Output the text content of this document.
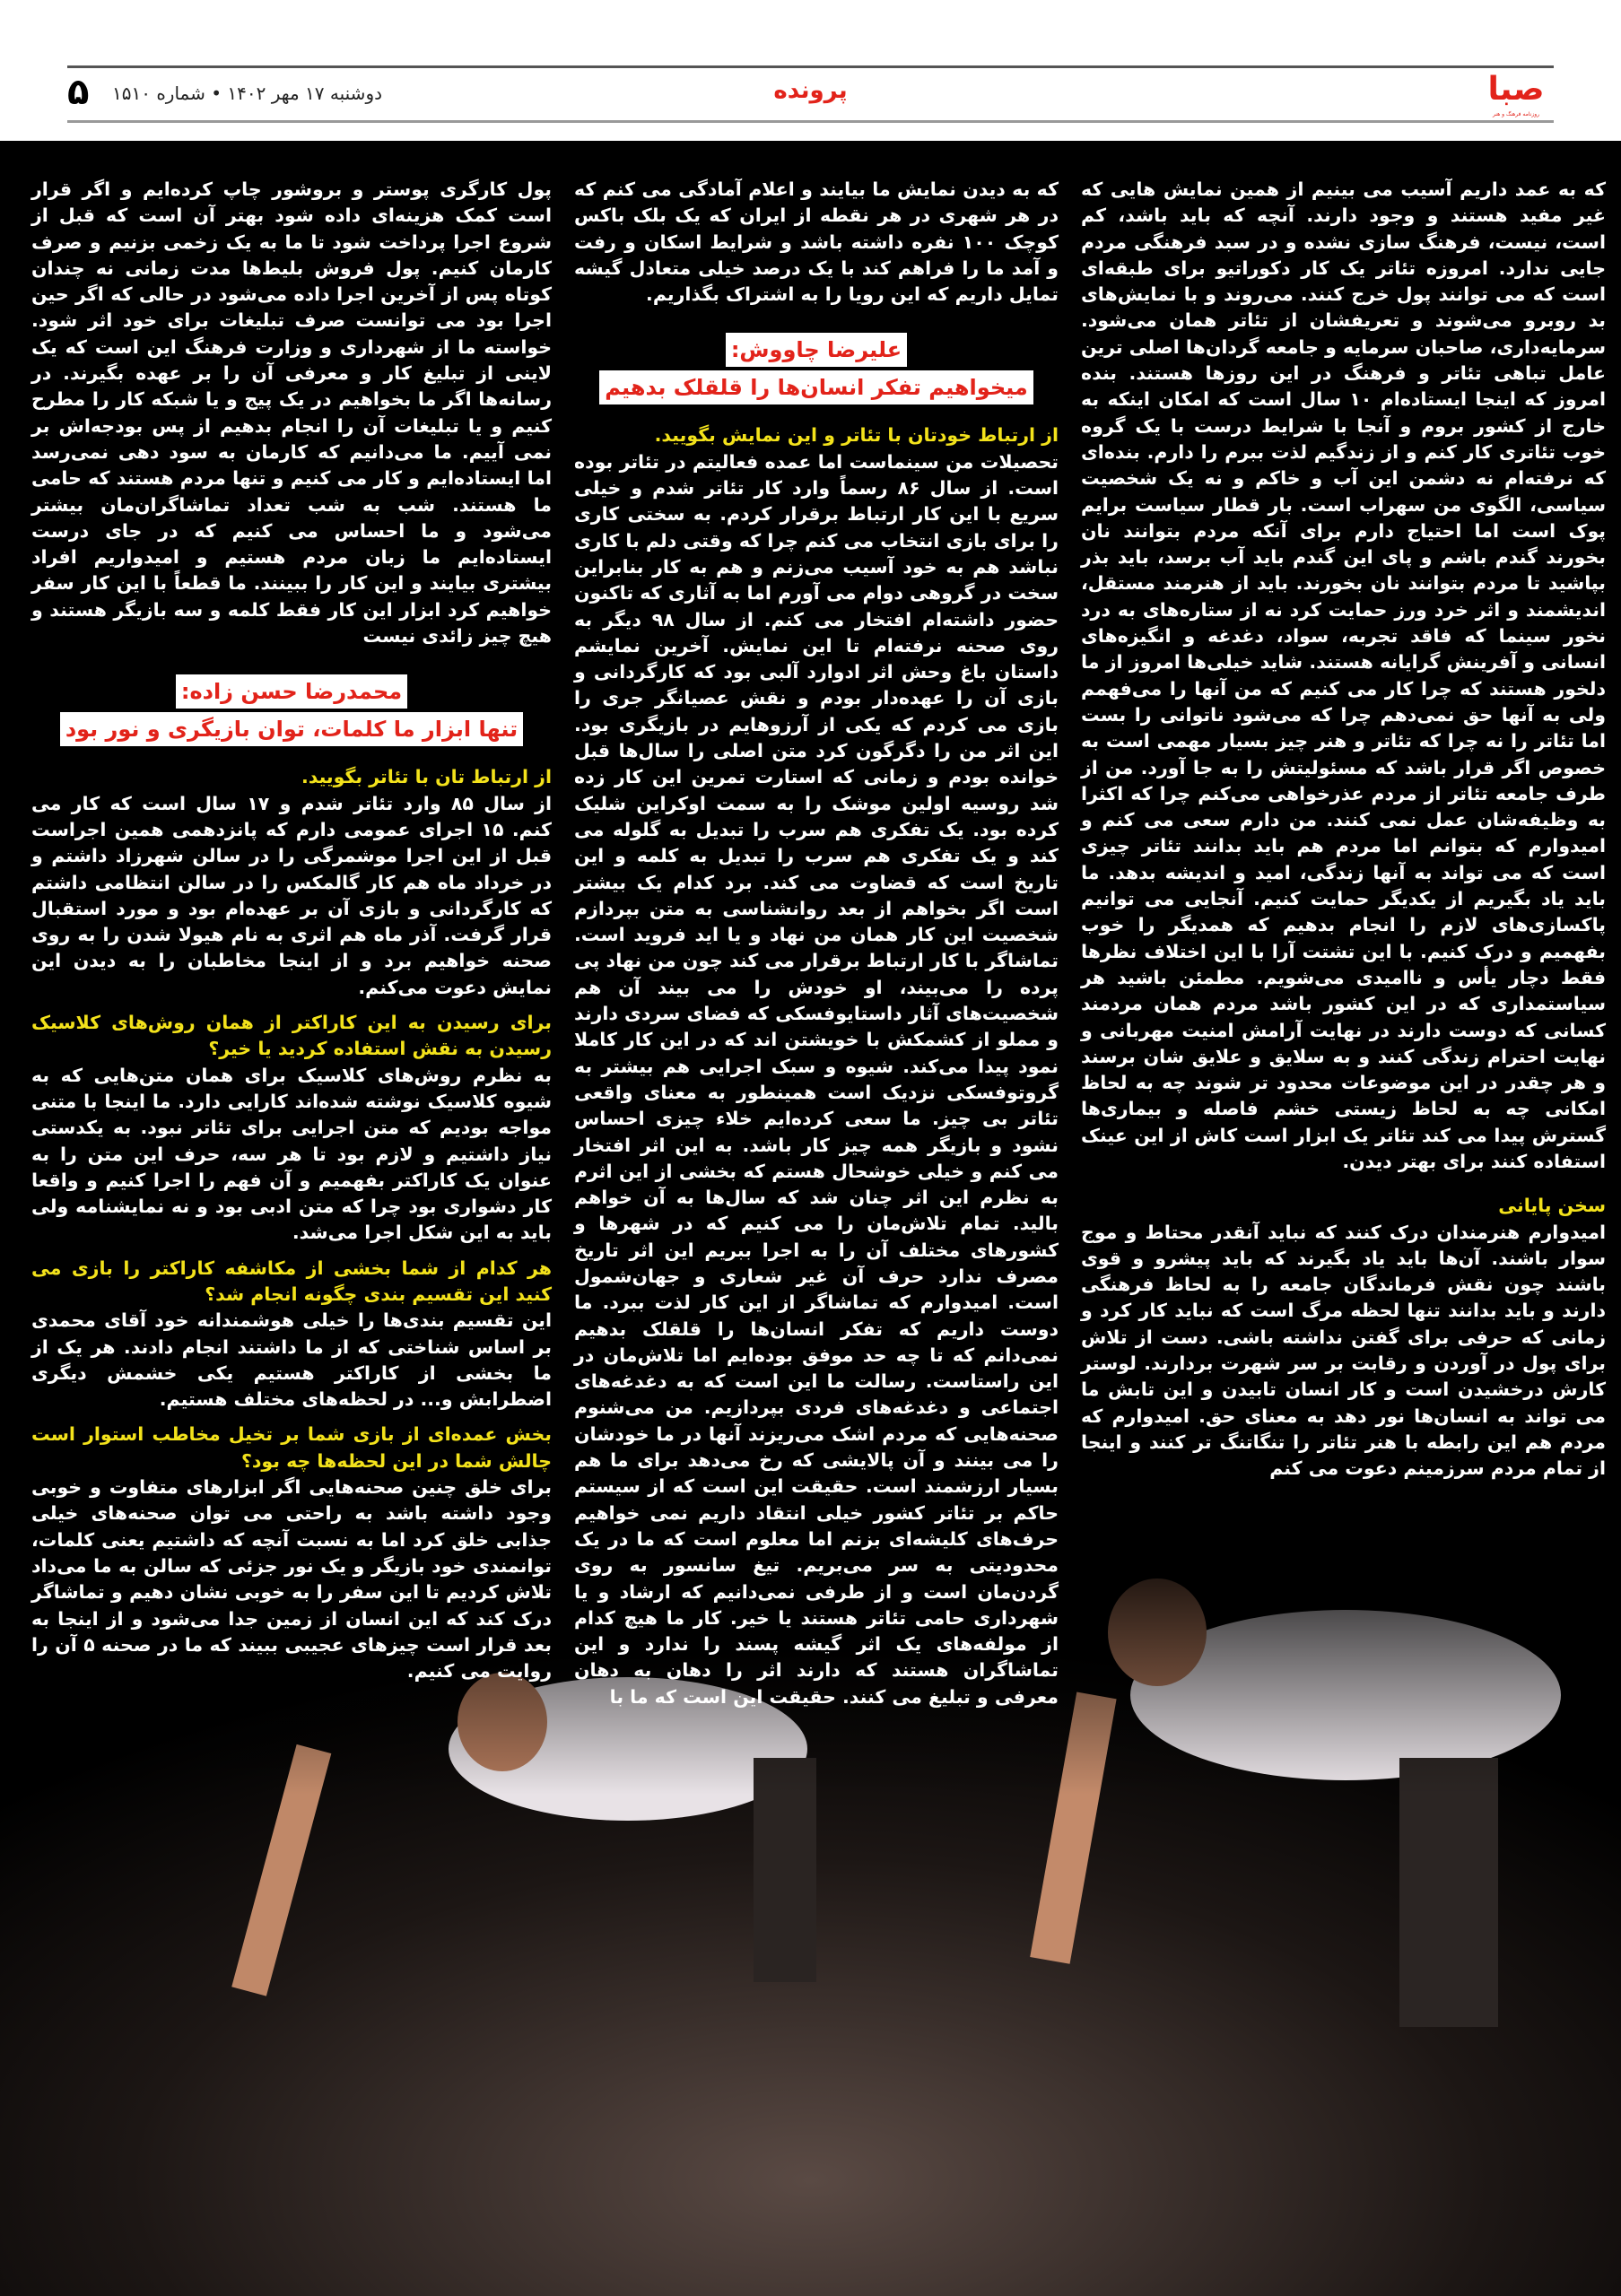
صبا
روزنامه فرهنگ و هنر
پرونده
دوشنبه ۱۷ مهر ۱۴۰۲ • شماره ۱۵۱۰
۵

که به عمد داریم آسیب می بینیم از همین نمایش هایی که غیر مفید هستند و وجود دارند. آنچه که باید باشد، کم است، نیست، فرهنگ سازی نشده و در سبد فرهنگی مردم جایی ندارد. امروزه تئاتر یک کار دکوراتیو برای طبقه‌ای است که می توانند پول خرج کنند. می‌روند و با نمایش‌های بد روبرو می‌شوند و تعریفشان از تئاتر همان می‌شود. سرمایه‌داری، صاحبان سرمایه و جامعه گردان‌ها اصلی ترین عامل تباهی تئاتر و فرهنگ در این روزها هستند. بنده امروز که اینجا ایستاده‌ام ۱۰ سال است که امکان اینکه به خارج از کشور بروم و آنجا با شرایط درست با یک گروه خوب تئاتری کار کنم و از زندگیم لذت ببرم را دارم. بنده‌ای که نرفته‌ام نه دشمن این آب و خاکم و نه یک شخصیت سیاسی، الگوی من سهراب است. بار قطار سیاست برایم پوک است اما احتیاج دارم برای آنکه مردم بتوانند نان بخورند گندم باشم و پای این گندم باید آب برسد، باید بذر بپاشید تا مردم بتوانند نان بخورند. باید از هنرمند مستقل، اندیشمند و اثر خرد ورز حمایت کرد نه از ستاره‌های به درد نخور سینما که فاقد تجربه، سواد، دغدغه و انگیزه‌های انسانی و آفرینش گرایانه هستند. شاید خیلی‌ها امروز از ما دلخور هستند که چرا کار می کنیم که من آنها را می‌فهمم ولی به آنها حق نمی‌دهم چرا که می‌شود ناتوانی را بست اما تئاتر را نه چرا که تئاتر و هنر چیز بسیار مهمی است به خصوص اگر قرار باشد که مسئولیتش را به جا آورد. من از طرف جامعه تئاتر از مردم عذرخواهی می‌کنم چرا که اکثرا به وظیفه‌شان عمل نمی کنند. من دارم سعی می کنم و امیدوارم که بتوانم اما مردم هم باید بدانند تئاتر چیزی است که می تواند به آنها زندگی، امید و اندیشه بدهد. ما باید یاد بگیریم از یکدیگر حمایت کنیم. آنجایی می توانیم پاکسازی‌های لازم را انجام بدهیم که همدیگر را خوب بفهمیم و درک کنیم. با این تشتت آرا با این اختلاف نظرها فقط دچار یأس و ناامیدی می‌شویم. مطمئن باشید هر سیاستمداری که در این کشور باشد مردم همان مردمند کسانی که دوست دارند در نهایت آرامش امنیت مهربانی و نهایت احترام زندگی کنند و به سلایق و علایق شان برسند و هر چقدر در این موضوعات محدود تر شوند چه به لحاظ امکانی چه به لحاظ زیستی خشم فاصله و بیماری‌ها گسترش پیدا می کند تئاتر یک ابزار است کاش از این عینک استفاده کنند برای بهتر دیدن.

سخن پایانی

امیدوارم هنرمندان درک کنند که نباید آنقدر محتاط و موج سوار باشند. آن‌ها باید یاد بگیرند که باید پیشرو و قوی باشند چون نقش فرماندگان جامعه را به لحاظ فرهنگی دارند و باید بدانند تنها لحظه مرگ است که نباید کار کرد و زمانی که حرفی برای گفتن نداشته باشی. دست از تلاش برای پول در آوردن و رقابت بر سر شهرت بردارند. لوستر کارش درخشیدن است و کار انسان تابیدن و این تابش ما می تواند به انسان‌ها نور دهد به معنای حق. امیدوارم که مردم هم این رابطه با هنر تئاتر را تنگاتنگ تر کنند و اینجا از تمام مردم سرزمینم دعوت می کنم

که به دیدن نمایش ما بیایند و اعلام آمادگی می کنم که در هر شهری در هر نقطه از ایران که یک بلک باکس کوچک ۱۰۰ نفره داشته باشد و شرایط اسکان و رفت و آمد ما را فراهم کند با یک درصد خیلی متعادل گیشه تمایل داریم که این رویا را به اشتراک بگذاریم.

علیرضا چاووش:
میخواهیم تفکر انسان‌ها را قلقلک بدهیم

از ارتباط خودتان با تئاتر و این نمایش بگویید.

تحصیلات من سینماست اما عمده فعالیتم در تئاتر بوده است. از سال ۸۶ رسماً وارد کار تئاتر شدم و خیلی سریع با این کار ارتباط برقرار کردم. به سختی کاری را برای بازی انتخاب می کنم چرا که وقتی دلم با کاری نباشد هم به خود آسیب می‌زنم و هم به کار بنابراین سخت در گروهی دوام می آورم اما به آثاری که تاکنون حضور داشته‌ام افتخار می کنم. از سال ۹۸ دیگر به روی صحنه نرفته‌ام تا این نمایش. آخرین نمایشم داستان باغ وحش اثر ادوارد آلبی بود که کارگردانی و بازی آن را عهده‌دار بودم و نقش عصیانگر جری را بازی می کردم که یکی از آرزوهایم در بازیگری بود. این اثر من را دگرگون کرد متن اصلی را سال‌ها قبل خوانده بودم و زمانی که استارت تمرین این کار زده شد روسیه اولین موشک را به سمت اوکراین شلیک کرده بود. یک تفکری هم سرب را تبدیل به گلوله می کند و یک تفکری هم سرب را تبدیل به کلمه و این تاریخ است که قضاوت می کند. برد کدام یک بیشتر است اگر بخواهم از بعد روانشناسی به متن بپردازم شخصیت این کار همان من نهاد و یا اید فروید است. تماشاگر با کار ارتباط برقرار می کند چون من نهاد پی پرده را می‌بیند، او خودش را می بیند آن هم شخصیت‌های آثار داستایوفسکی که فضای سردی دارند و مملو از کشمکش با خویشتن اند که در این کار کاملا نمود پیدا می‌کند. شیوه و سبک اجرایی هم بیشتر به گروتوفسکی نزدیک است همینطور به معنای واقعی تئاتر بی چیز. ما سعی کرده‌ایم خلاء چیزی احساس نشود و بازیگر همه چیز کار باشد. به این اثر افتخار می کنم و خیلی خوشحال هستم که بخشی از این اثرم به نظرم این اثر چنان شد که سال‌ها به آن خواهم بالید. تمام تلاش‌مان را می کنیم که در شهرها و کشورهای مختلف آن را به اجرا ببریم این اثر تاریخ مصرف ندارد حرف آن غیر شعاری و جهان‌شمول است. امیدوارم که تماشاگر از این کار لذت ببرد. ما دوست داریم که تفکر انسان‌ها را قلقلک بدهیم نمی‌دانم که تا چه حد موفق بوده‌ایم اما تلاش‌مان در این راستاست. رسالت ما این است که به دغدغه‌های اجتماعی و دغدغه‌های فردی بپردازیم. من می‌شنوم صحنه‌هایی که مردم اشک می‌ریزند آنها در ما خودشان را می بینند و آن پالایشی که رخ می‌دهد برای ما هم بسیار ارزشمند است. حقیقت این است که از سیستم حاکم بر تئاتر کشور خیلی انتقاد داریم نمی خواهیم حرف‌های کلیشه‌ای بزنم اما معلوم است که ما در یک محدودیتی به سر می‌بریم. تیغ سانسور به روی گردن‌مان است و از طرفی نمی‌دانیم که ارشاد و یا شهرداری حامی تئاتر هستند یا خیر. کار ما هیچ کدام از مولفه‌های یک اثر گیشه پسند را ندارد و این تماشاگران هستند که دارند اثر را دهان به دهان معرفی و تبلیغ می کنند. حقیقت این است که ما با

پول کارگری پوستر و بروشور چاپ کرده‌ایم و اگر قرار است کمک هزینه‌ای داده شود بهتر آن است که قبل از شروع اجرا پرداخت شود تا ما به یک زخمی بزنیم و صرف کارمان کنیم. پول فروش بلیط‌ها مدت زمانی نه چندان کوتاه پس از آخرین اجرا داده می‌شود در حالی که اگر حین اجرا بود می توانست صرف تبلیغات برای خود اثر شود. خواسته ما از شهرداری و وزارت فرهنگ این است که یک لاینی از تبلیغ کار و معرفی آن را بر عهده بگیرند. در رسانه‌ها اگر ما بخواهیم در یک پیج و یا شبکه کار را مطرح کنیم و یا تبلیغات آن را انجام بدهیم از پس بودجه‌اش بر نمی آییم. ما می‌دانیم که کارمان به سود دهی نمی‌رسد اما ایستاده‌ایم و کار می کنیم و تنها مردم هستند که حامی ما هستند. شب به شب تعداد تماشاگران‌مان بیشتر می‌شود و ما احساس می کنیم که در جای درست ایستاده‌ایم ما زبان مردم هستیم و امیدواریم افراد بیشتری بیایند و این کار را ببینند. ما قطعاً با این کار سفر خواهیم کرد ابزار این کار فقط کلمه و سه بازیگر هستند و هیچ چیز زائدی نیست

محمدرضا حسن زاده:
تنها ابزار ما کلمات، توان بازیگری و نور بود

از ارتباط تان با تئاتر بگویید.

از سال ۸۵ وارد تئاتر شدم و ۱۷ سال است که کار می کنم. ۱۵ اجرای عمومی دارم که پانزدهمی همین اجراست قبل از این اجرا موشمرگی را در سالن شهرزاد داشتم و در خرداد ماه هم کار گالمکس را در سالن انتظامی داشتم که کارگردانی و بازی آن بر عهده‌ام بود و مورد استقبال قرار گرفت. آذر ماه هم اثری به نام هیولا شدن را به روی صحنه خواهیم برد و از اینجا مخاطبان را به دیدن این نمایش دعوت می‌کنم.

برای رسیدن به این کاراکتر از همان روش‌های کلاسیک رسیدن به نقش استفاده کردید یا خیر؟

به نظرم روش‌های کلاسیک برای همان متن‌هایی که به شیوه کلاسیک نوشته شده‌اند کارایی دارد. ما اینجا با متنی مواجه بودیم که متن اجرایی برای تئاتر نبود. به یکدستی نیاز داشتیم و لازم بود تا هر سه، حرف این متن را به عنوان یک کاراکتر بفهمیم و آن فهم را اجرا کنیم و واقعا کار دشواری بود چرا که متن ادبی بود و نه نمایشنامه ولی باید به این شکل اجرا می‌شد.

هر کدام از شما بخشی از مکاشفه کاراکتر را بازی می کنید این تقسیم بندی چگونه انجام شد؟

این تقسیم بندی‌ها را خیلی هوشمندانه خود آقای محمدی بر اساس شناختی که از ما داشتند انجام دادند. هر یک از ما بخشی از کاراکتر هستیم یکی خشمش دیگری اضطرابش و... در لحظه‌های مختلف هستیم.

بخش عمده‌ای از بازی شما بر تخیل مخاطب استوار است چالش شما در این لحظه‌ها چه بود؟

برای خلق چنین صحنه‌هایی اگر ابزارهای متفاوت و خوبی وجود داشته باشد به راحتی می توان صحنه‌های خیلی جذابی خلق کرد اما به نسبت آنچه که داشتیم یعنی کلمات، توانمندی خود بازیگر و یک نور جزئی که سالن به ما می‌داد تلاش کردیم تا این سفر را به خوبی نشان دهیم و تماشاگر درک کند که این انسان از زمین جدا می‌شود و از اینجا به بعد قرار است چیزهای عجیبی ببیند که ما در صحنه ۵ آن را روایت می کنیم.
